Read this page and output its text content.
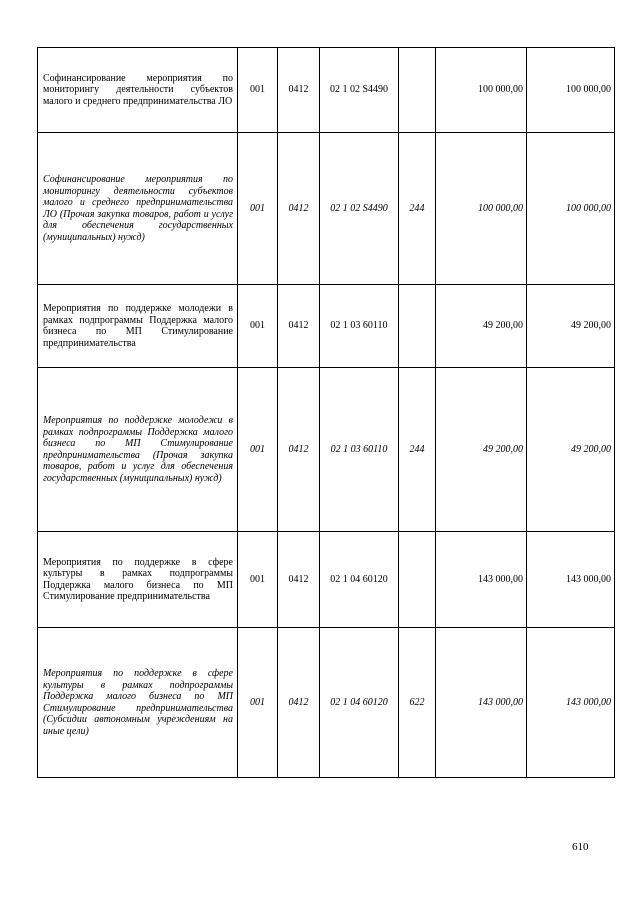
Софинансирование мероприятия по мониторингу деятельности субъектов малого и среднего предпринимательства ЛО	001	0412	02 1 02 S4490		100 000,00	100 000,00
Софинансирование мероприятия по мониторингу деятельности субъектов малого и среднего предпринимательства ЛО (Прочая закупка товаров, работ и услуг для обеспечения государственных (муниципальных) нужд)	001	0412	02 1 02 S4490	244	100 000,00	100 000,00
Мероприятия по поддержке молодежи в рамках подпрограммы Поддержка малого бизнеса по МП Стимулирование предпринимательства	001	0412	02 1 03 60110		49 200,00	49 200,00
Мероприятия по поддержке молодежи в рамках подпрограммы Поддержка малого бизнеса по МП Стимулирование предпринимательства (Прочая закупка товаров, работ и услуг для обеспечения государственных (муниципальных) нужд)	001	0412	02 1 03 60110	244	49 200,00	49 200,00
Мероприятия по поддержке в сфере культуры в рамках подпрограммы Поддержка малого бизнеса по МП Стимулирование предпринимательства	001	0412	02 1 04 60120		143 000,00	143 000,00
Мероприятия по поддержке в сфере культуры в рамках подпрограммы Поддержка малого бизнеса по МП Стимулирование предпринимательства (Субсидии автономным учреждениям на иные цели)	001	0412	02 1 04 60120	622	143 000,00	143 000,00
610
